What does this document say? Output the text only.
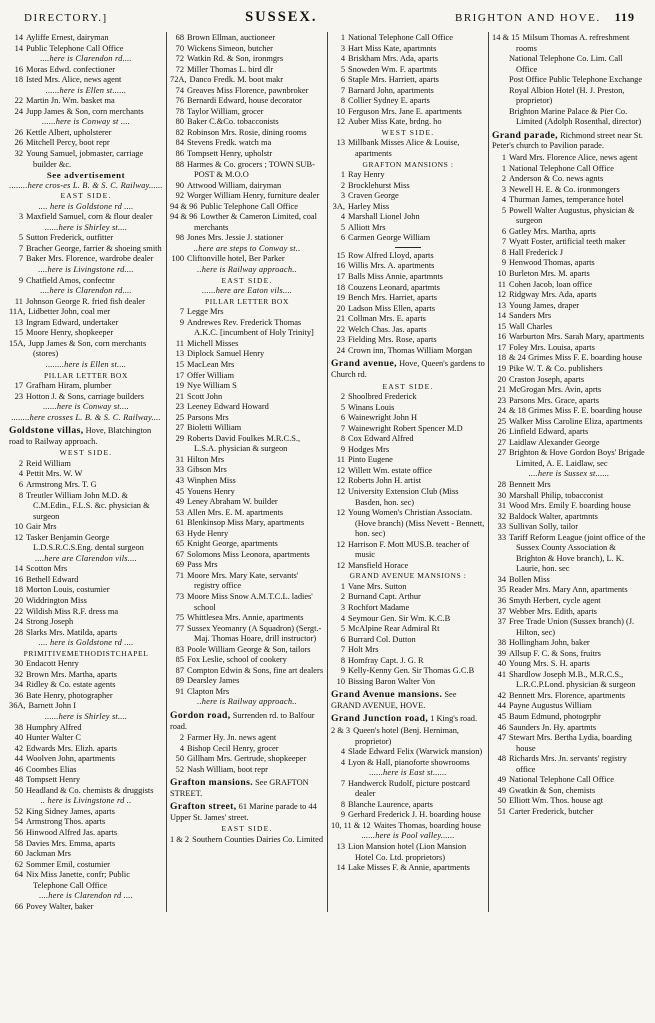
DIRECTORY.]	SUSSEX.	BRIGHTON AND HOVE. 119
14 Ayliffe Ernest, dairyman
14 Public Telephone Call Office
....here is Clarendon rd....
16 Moras Edwd. confectioner
18 Isted Mrs. Alice, news agent
......here is Ellen st......
22 Martin Jn. Wm. basket ma
24 Jupp James & Son, corn merchants
......here is Conway st ....
26 Kettle Albert, upholsterer
26 Mitchell Percy, boot repr
32 Young Samuel, jobmaster, carriage builder &c.
See advertisement
........here cros-es L. B. & S. C. Railway......
EAST SIDE.
.... here is Goldstone rd ....
3 Maxfield Samuel, corn & flour dealer
......here is Shirley st....
5 Sutton Frederick, outfitter
7 Bracher George, farrier & shoeing smith
7 Baker Mrs. Florence, wardrobe dealer
....here is Livingstone rd....
9 Chatfield Amos, confectnr
....here is Clarendon rd....
11 Johnson George R. fried fish dealer
11A, Lidbetter John, coal mer
13 Ingram Edward, undertaker
15 Moore Henry, shopkeeper
15A, Jupp James & Son, corn merchants (stores)
........here is Ellen st....
PILLAR LETTER BOX
17 Grafham Hiram, plumber
23 Hotton J. & Sons, carriage builders
......here is Conway st....
........here crosses L. B. & S. C. Railway....
Goldstone villas, Hove, Blatchington road to Railway approach.
WEST SIDE.
2 Reid William
4 Pettit Mrs. W. W
6 Armstrong Mrs. T. G
8 Treutler William John M.D. & C.M.Edin., F.L.S. &c. physician & surgeon
10 Gair Mrs
12 Tasker Benjamin George L.D.S.R.C.S.Eng. dental surgeon
....here are Clarendon vils....
14 Scotton Mrs
16 Bethell Edward
18 Morton Louis, costumier
20 Widdrington Miss
22 Wildish Miss R.F. dress ma
24 Strong Joseph
28 Slarks Mrs. Matilda, aparts
.... here is Goldstone rd ....
PRIMITIVEMETHODISTCHAPEL
30 Endacott Henry
32 Brown Mrs. Martha, aparts
34 Ridley & Co. estate agents
36 Bate Henry, photographer
36A, Barnett John I
......here is Shirley st....
38 Humphry Alfred
40 Hunter Walter C
42 Edwards Mrs. Elizh. aparts
44 Woolven John, apartments
46 Coombes Elias
48 Tompsett Henry
50 Headland & Co. chemists & druggists
.. here is Livingstone rd ..
52 King Sidney James, aparts
54 Armstrong Thos. aparts
56 Hinwood Alfred Jas. aparts
58 Davies Mrs. Emma, aparts
60 Jackman Mrs
62 Sommer Emil, costumier
64 Nix Miss Janette, confr; Public Telephone Call Office
....here is Clarendon rd ....
66 Povey Walter, baker
68 Brown Ellman, auctioneer
70 Wickens Simeon, butcher
72 Watkin Rd. & Son, ironmgrs
72 Miller Thomas L. bird dlr
72A, Danco Fredk. M. boot makr
74 Greaves Miss Florence, pawnbroker
76 Bernardi Edward, house decorator
78 Taylor William, grocer
80 Baker C.&Co. tobacconists
82 Robinson Mrs. Rosie, dining rooms
84 Stevens Fredk. watch ma
86 Tompsett Henry, upholstr
88 Harmes & Co. grocers ; TOWN SUB-POST & M.O.O
90 Attwood William, dairyman
92 Worger William Henry, furniture dealer
94 & 96 Public Telephone Call Office
94 & 96 Lowther & Cameron Limited, coal merchants
98 Jones Mrs. Jessie J. stationer
..here are steps to Conway st..
100 Cliftonville hotel, Ber Parker
..here is Railway approach..
EAST SIDE.
......here are Eaton vils....
PILLAR LETTER BOX
7 Legge Mrs
9 Andrewes Rev. Frederick Thomas A.K.C. [incumbent of Holy Trinity]
11 Michell Misses
13 Diplock Samuel Henry
15 MacLean Mrs
17 Offer William
19 Nye William S
21 Scott John
23 Leeney Edward Howard
25 Parsons Mrs
27 Bioletti William
29 Roberts David Foulkes M.R.C.S., L.S.A. physician & surgeon
31 Hilton Mrs
33 Gibson Mrs
43 Winphen Miss
45 Youens Henry
49 Leney Abraham W. builder
53 Allen Mrs. E. M. apartments
61 Blenkinsop Miss Mary, apartments
63 Hyde Henry
65 Knight George, apartments
67 Solomons Miss Leonora, apartments
69 Pass Mrs
71 Moore Mrs. Mary Kate, servants' registry office
73 Moore Miss Snow A.M.T.C.L. ladies' school
75 Whittlesea Mrs. Annie, apartments
77 Sussex Yeomanry (A Squadron) (Sergt.-Maj. Thomas Hoare, drill instructor)
83 Poole William George & Son, tailors
85 Fox Leslie, school of cookery
87 Compton Edwin & Sons, fine art dealers
89 Dearsley James
91 Clapton Mrs
..here is Railway approach..
Gordon road, Surrenden rd. to Balfour road.
2 Farmer Hy. Jn. news agent
4 Bishop Cecil Henry, grocer
50 Gillham Mrs. Gertrude, shopkeeper
52 Nash William, boot repr
Grafton mansions. See GRAFTON STREET.
Grafton street, 61 Marine parade to 44 Upper St. James' street.
EAST SIDE.
1 & 2 Southern Counties Dairies Co. Limited
1 National Telephone Call Office
3 Hart Miss Kate, apartmnts
4 Briskham Mrs. Ada, aparts
5 Snowden Wm. F. apartmts
6 Staple Mrs. Harriett, aparts
7 Barnard John, apartments
8 Collier Sydney E. aparts
10 Ferguson Mrs. Jane E. apartments
12 Auber Miss Kate, brdng. ho
WEST SIDE.
13 Millbank Misses Alice & Louise, apartments
GRAFTON MANSIONS :
1 Ray Henry
2 Brocklehurst Miss
3 Craven George
3A, Harley Miss
4 Marshall Lionel John
5 Alliott Mrs
6 Carmen George William
15 Row Alfred Lloyd, aparts
16 Willis Mrs. A. apartments
17 Balls Miss Annie, apartmnts
18 Couzens Leonard, apartmts
19 Bench Mrs. Harriet, aparts
20 Ladson Miss Ellen, aparts
21 Collman Mrs. E. aparts
22 Welch Chas. Jas. aparts
23 Fielding Mrs. Rose, aparts
24 Crown inn, Thomas William Morgan
Grand avenue, Hove, Queen's gardens to Church rd.
EAST SIDE.
2 Shoolbred Frederick
5 Winans Louis
6 Wainewright John H
7 Wainewright Robert Spencer M.D
8 Cox Edward Alfred
9 Hodges Mrs
11 Pinto Eugene
12 Willett Wm. estate office
12 Roberts John H. artist
12 University Extension Club (Miss Basden, hon. sec)
12 Young Women's Christian Associatn. (Hove branch) (Miss Nevett - Bennett, hon. sec)
12 Harrison F. Mott MUS.B. teacher of music
12 Mansfield Horace
GRAND AVENUE MANSIONS :
1 Vane Mrs. Sutton
2 Burnand Capt. Arthur
3 Rochfort Madame
4 Seymour Gen. Sir Wm. K.C.B
5 McAlpine Rear Admiral Rt
6 Burrard Col. Dutton
7 Holt Mrs
8 Homfray Capt. J. G. R
9 Kelly-Kenny Gen. Sir Thomas G.C.B
10 Bissing Baron Walter Von
Grand Avenue mansions. See GRAND AVENUE, HOVE.
Grand Junction road, 1 King's road.
2 & 3 Queen's hotel (Benj. Herniman, proprietor)
4 Slade Edward Felix (Warwick mansion)
4 Lyon & Hall, pianoforte showrooms
......here is East st......
7 Handwerck Rudolf, picture postcard dealer
8 Blanche Laurence, aparts
9 Gerhard Frederick J. H. boarding house
10, 11 & 12 Waites Thomas, boarding house
......here is Pool valley......
13 Lion Mansion hotel (Lion Mansion Hotel Co. Ltd. proprietors)
14 Lake Misses F. & Annie, apartments
14 & 15 Milsum Thomas A. refreshment rooms
National Telephone Co. Lim. Call Office
Post Office Public Telephone Exchange
Royal Albion Hotel (H. J. Preston, proprietor)
Brighton Marine Palace & Pier Co. Limited (Adolph Rosenthal, director)
Grand parade, Richmond street near St. Peter's church to Pavilion parade.
1 Ward Mrs. Florence Alice, news agent
1 National Telephone Call Office
2 Anderson & Co. news agnts
3 Newell H. E. & Co. ironmongers
4 Thurman James, temperance hotel
5 Powell Walter Augustus, physician & surgeon
6 Gatley Mrs. Martha, aprts
7 Wyatt Foster, artificial teeth maker
8 Hall Frederick J
9 Henwood Thomas, aparts
10 Burleton Mrs. M. aparts
11 Cohen Jacob, loan office
12 Ridgway Mrs. Ada, aparts
13 Young James, draper
14 Sanders Mrs
15 Wall Charles
16 Warburton Mrs. Sarah Mary, apartments
17 Foley Mrs. Louisa, aparts
18 & 24 Grimes Miss F. E. boarding house
19 Pike W. T. & Co. publishers
20 Craston Joseph, aparts
21 McGrogan Mrs. Avin, aprts
23 Parsons Mrs. Grace, aparts
24 & 18 Grimes Miss F. E. boarding house
25 Walker Miss Caroline Eliza, apartments
26 Linfield Edward, aparts
27 Laidlaw Alexander George
27 Brighton & Hove Gordon Boys' Brigade Limited, A. E. Laidlaw, sec
....here is Sussex st......
28 Bennett Mrs
30 Marshall Philip, tobacconist
31 Wood Mrs. Emily F. boarding house
32 Baldock Walter, apartmnts
33 Sullivan Solly, tailor
33 Tariff Reform League (joint office of the Sussex County Association & Brighton & Hove branch), L. K. Laurie, hon. sec
34 Bollen Miss
35 Reader Mrs. Mary Ann, apartments
36 Smyth Herbert, cycle agent
37 Webber Mrs. Edith, aparts
37 Free Trade Union (Sussex branch) (J. Hilton, sec)
38 Hollingham John, baker
39 Allsup F. C. & Sons, fruitrs
40 Young Mrs. S. H. aparts
41 Shardlow Joseph M.B., M.R.C.S., L.R.C.P.Lond. physician & surgeon
42 Bennett Mrs. Florence, apartments
44 Payne Augustus William
45 Baum Edmund, photogrphr
46 Saunders Jn. Hy. apartmts
47 Stewart Mrs. Bertha Lydia, boarding house
48 Richards Mrs. Jn. servants' registry office
49 National Telephone Call Office
49 Gwatkin & Son, chemists
50 Elliott Wm. Thos. house agt
51 Carter Frederick, butcher
